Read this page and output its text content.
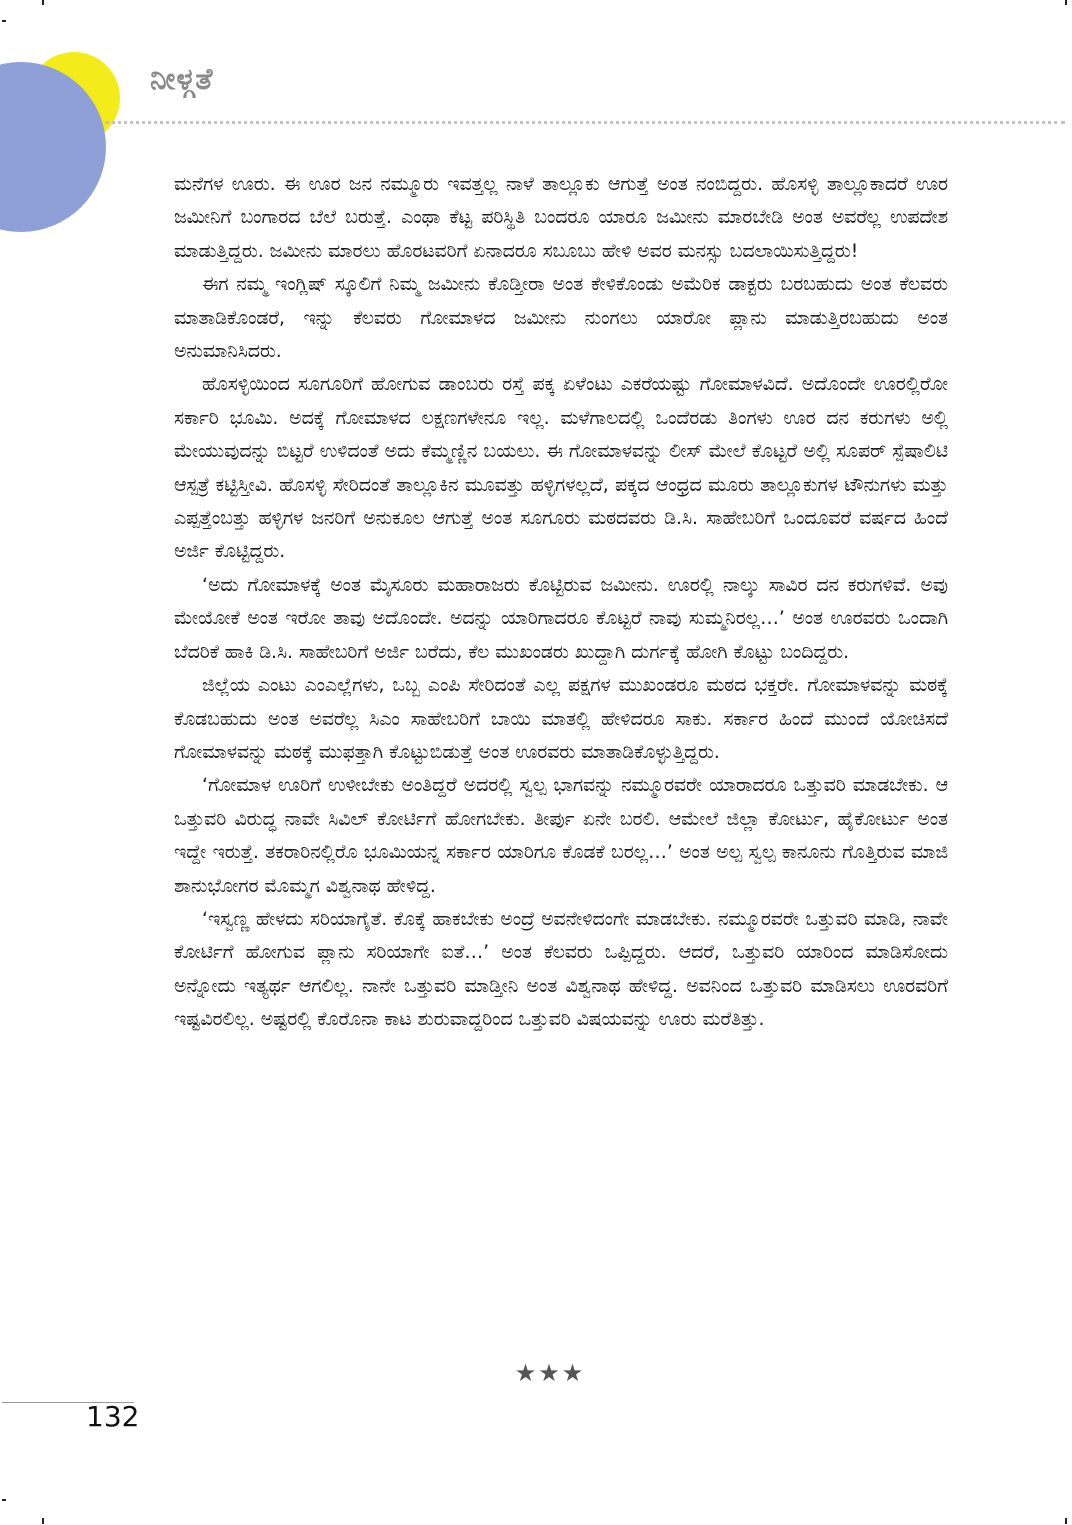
ನೀಳ್ಗತೆ

ಮನೆಗಳ ಊರು. ಈ ಊರ ಜನ ನಮ್ಮೂರು ಇವತ್ತಲ್ಲ ನಾಳೆ ತಾಲ್ಲೂಕು ಆಗುತ್ತೆ ಅಂತ ನಂಬಿದ್ದರು. ಹೊಸಳ್ಳಿ ತಾಲ್ಲೂಕಾದರೆ ಊರ ಜಮೀನಿಗೆ ಬಂಗಾರದ ಬೆಲೆ ಬರುತ್ತೆ. ಎಂಥಾ ಕೆಟ್ಟ ಪರಿಸ್ಥಿತಿ ಬಂದರೂ ಯಾರೂ ಜಮೀನು ಮಾರಬೇಡಿ ಅಂತ ಅವರೆಲ್ಲ ಉಪದೇಶ ಮಾಡುತ್ತಿದ್ದರು. ಜಮೀನು ಮಾರಲು ಹೊರಟವರಿಗೆ ಏನಾದರೂ ಸಬೂಬು ಹೇಳಿ ಅವರ ಮನಸ್ಸು ಬದಲಾಯಿಸುತ್ತಿದ್ದರು!

ಈಗ ನಮ್ಮ ಇಂಗ್ಲಿಷ್ ಸ್ಕೂಲಿಗೆ ನಿಮ್ಮ ಜಮೀನು ಕೊಡ್ತೀರಾ ಅಂತ ಕೇಳಿಕೊಂಡು ಅಮೆರಿಕ ಡಾಕ್ಟರು ಬರಬಹುದು ಅಂತ ಕೆಲವರು ಮಾತಾಡಿಕೊಂಡರೆ, ಇನ್ನು ಕೆಲವರು ಗೋಮಾಳದ ಜಮೀನು ನುಂಗಲು ಯಾರೋ ಪ್ಲಾನು ಮಾಡುತ್ತಿರಬಹುದು ಅಂತ ಅನುಮಾನಿಸಿದರು.

ಹೊಸಳ್ಳಿಯಿಂದ ಸೂಗೂರಿಗೆ ಹೋಗುವ ಡಾಂಬರು ರಸ್ತೆ ಪಕ್ಕ ಏಳೆಂಟು ಎಕರೆಯಷ್ಟು ಗೋಮಾಳವಿದೆ. ಅದೊಂದೇ ಊರಲ್ಲಿರೋ ಸರ್ಕಾರಿ ಭೂಮಿ. ಅದಕ್ಕೆ ಗೋಮಾಳದ ಲಕ್ಷಣಗಳೇನೂ ಇಲ್ಲ. ಮಳೆಗಾಲದಲ್ಲಿ ಒಂದೆರಡು ತಿಂಗಳು ಊರ ದನ ಕರುಗಳು ಅಲ್ಲಿ ಮೇಯುವುದನ್ನು ಬಿಟ್ಟರೆ ಉಳಿದಂತೆ ಅದು ಕೆಮ್ಮಣ್ಣಿನ ಬಯಲು. ಈ ಗೋಮಾಳವನ್ನು ಲೀಸ್ ಮೇಲೆ ಕೊಟ್ಟರೆ ಅಲ್ಲಿ ಸೂಪರ್ ಸ್ಪೆಷಾಲಿಟಿ ಆಸ್ಪತ್ರೆ ಕಟ್ಟಿಸ್ತೀವಿ. ಹೊಸಳ್ಳಿ ಸೇರಿದಂತೆ ತಾಲ್ಲೂಕಿನ ಮೂವತ್ತು ಹಳ್ಳಿಗಳಲ್ಲದೆ, ಪಕ್ಕದ ಆಂಧ್ರದ ಮೂರು ತಾಲ್ಲೂಕುಗಳ ಟೌನುಗಳು ಮತ್ತು ಎಪ್ಪತ್ತೆಂಬತ್ತು ಹಳ್ಳಿಗಳ ಜನರಿಗೆ ಅನುಕೂಲ ಆಗುತ್ತೆ ಅಂತ ಸೂಗೂರು ಮಠದವರು ಡಿ.ಸಿ. ಸಾಹೇಬರಿಗೆ ಒಂದೂವರೆ ವರ್ಷದ ಹಿಂದೆ ಅರ್ಜಿ ಕೊಟ್ಟಿದ್ದರು.

‘ಅದು ಗೋಮಾಳಕ್ಕೆ ಅಂತ ಮೈಸೂರು ಮಹಾರಾಜರು ಕೊಟ್ಟಿರುವ ಜಮೀನು. ಊರಲ್ಲಿ ನಾಲ್ಕು ಸಾವಿರ ದನ ಕರುಗಳಿವೆ. ಅವು ಮೇಯೋಕೆ ಅಂತ ಇರೋ ತಾವು ಅದೊಂದೇ. ಅದನ್ನು ಯಾರಿಗಾದರೂ ಕೊಟ್ಟರೆ ನಾವು ಸುಮ್ಮನಿರಲ್ಲ…’ ಅಂತ ಊರವರು ಒಂದಾಗಿ ಬೆದರಿಕೆ ಹಾಕಿ ಡಿ.ಸಿ. ಸಾಹೇಬರಿಗೆ ಅರ್ಜಿ ಬರೆದು, ಕೆಲ ಮುಖಂಡರು ಖುದ್ದಾಗಿ ದುರ್ಗಕ್ಕೆ ಹೋಗಿ ಕೊಟ್ಟು ಬಂದಿದ್ದರು.

ಜಿಲ್ಲೆಯ ಎಂಟು ಎಂಎಲ್ಲೆಗಳು, ಒಬ್ಬ ಎಂಪಿ ಸೇರಿದಂತೆ ಎಲ್ಲ ಪಕ್ಷಗಳ ಮುಖಂಡರೂ ಮಠದ ಭಕ್ತರೇ. ಗೋಮಾಳವನ್ನು ಮಠಕ್ಕೆ ಕೊಡಬಹುದು ಅಂತ ಅವರೆಲ್ಲ ಸಿಎಂ ಸಾಹೇಬರಿಗೆ ಬಾಯಿ ಮಾತಲ್ಲಿ ಹೇಳಿದರೂ ಸಾಕು. ಸರ್ಕಾರ ಹಿಂದೆ ಮುಂದೆ ಯೋಚಿಸದೆ ಗೋಮಾಳವನ್ನು ಮಠಕ್ಕೆ ಮುಫತ್ತಾಗಿ ಕೊಟ್ಟುಬಿಡುತ್ತೆ ಅಂತ ಊರವರು ಮಾತಾಡಿಕೊಳ್ಳುತ್ತಿದ್ದರು.

‘ಗೋಮಾಳ ಊರಿಗೆ ಉಳೀಬೇಕು ಅಂತಿದ್ದರೆ ಅದರಲ್ಲಿ ಸ್ವಲ್ಪ ಭಾಗವನ್ನು ನಮ್ಮೂರವರೇ ಯಾರಾದರೂ ಒತ್ತುವರಿ ಮಾಡಬೇಕು. ಆ ಒತ್ತುವರಿ ವಿರುದ್ಧ ನಾವೇ ಸಿವಿಲ್ ಕೋರ್ಟಿಗೆ ಹೋಗಬೇಕು. ತೀರ್ಪು ಏನೇ ಬರಲಿ. ಆಮೇಲೆ ಜಿಲ್ಲಾ ಕೋರ್ಟು, ಹೈಕೋರ್ಟು ಅಂತ ಇದ್ದೇ ಇರುತ್ತೆ. ತಕರಾರಿನಲ್ಲಿರೊ ಭೂಮಿಯನ್ನ ಸರ್ಕಾರ ಯಾರಿಗೂ ಕೊಡಕೆ ಬರಲ್ಲ…’ ಅಂತ ಅಲ್ಪ ಸ್ವಲ್ಪ ಕಾನೂನು ಗೊತ್ತಿರುವ ಮಾಜಿ ಶಾನುಭೋಗರ ಮೊಮ್ಮಗ ವಿಶ್ವನಾಥ ಹೇಳಿದ್ದ.

‘ಇಸ್ವಣ್ಣ ಹೇಳದು ಸರಿಯಾಗೈತೆ. ಕೊಕ್ಕೆ ಹಾಕಬೇಕು ಅಂದ್ರೆ ಅವನೇಳಿದಂಗೇ ಮಾಡಬೇಕು. ನಮ್ಮೂರವರೇ ಒತ್ತುವರಿ ಮಾಡಿ, ನಾವೇ ಕೋರ್ಟಿಗೆ ಹೋಗುವ ಪ್ಲಾನು ಸರಿಯಾಗೇ ಐತೆ…’ ಅಂತ ಕೆಲವರು ಒಪ್ಪಿದ್ದರು. ಆದರೆ, ಒತ್ತುವರಿ ಯಾರಿಂದ ಮಾಡಿಸೋದು ಅನ್ನೋದು ಇತ್ಯರ್ಥ ಆಗಲಿಲ್ಲ. ನಾನೇ ಒತ್ತುವರಿ ಮಾಡ್ತೀನಿ ಅಂತ ವಿಶ್ವನಾಥ ಹೇಳಿದ್ದ. ಅವನಿಂದ ಒತ್ತುವರಿ ಮಾಡಿಸಲು ಊರವರಿಗೆ ಇಷ್ಟವಿರಲಿಲ್ಲ. ಅಷ್ಟರಲ್ಲಿ ಕೊರೊನಾ ಕಾಟ ಶುರುವಾದ್ದರಿಂದ ಒತ್ತುವರಿ ವಿಷಯವನ್ನು ಊರು ಮರೆತಿತ್ತು.

★★★
132
